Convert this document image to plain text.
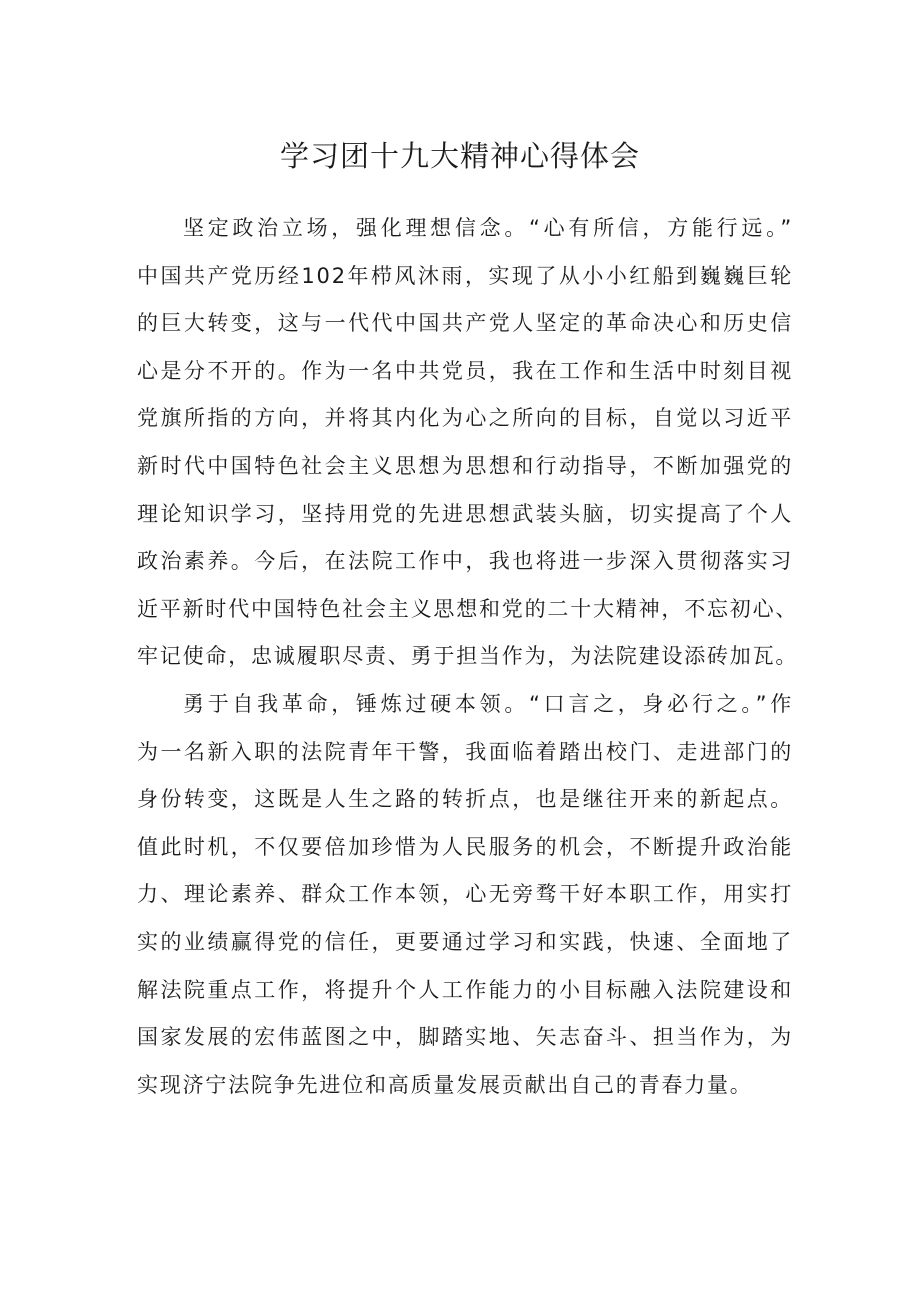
学习团十九大精神心得体会
坚定政治立场，强化理想信念。“心有所信，方能行远。”
中国共产党历经102年栉风沐雨，实现了从小小红船到巍巍巨轮
的巨大转变，这与一代代中国共产党人坚定的革命决心和历史信
心是分不开的。作为一名中共党员，我在工作和生活中时刻目视
党旗所指的方向，并将其内化为心之所向的目标，自觉以习近平
新时代中国特色社会主义思想为思想和行动指导，不断加强党的
理论知识学习，坚持用党的先进思想武装头脑，切实提高了个人
政治素养。今后，在法院工作中，我也将进一步深入贯彻落实习
近平新时代中国特色社会主义思想和党的二十大精神，不忘初心、
牢记使命，忠诚履职尽责、勇于担当作为，为法院建设添砖加瓦。
勇于自我革命，锤炼过硬本领。“口言之，身必行之。”作
为一名新入职的法院青年干警，我面临着踏出校门、走进部门的
身份转变，这既是人生之路的转折点，也是继往开来的新起点。
值此时机，不仅要倍加珍惜为人民服务的机会，不断提升政治能
力、理论素养、群众工作本领，心无旁骛干好本职工作，用实打
实的业绩赢得党的信任，更要通过学习和实践，快速、全面地了
解法院重点工作，将提升个人工作能力的小目标融入法院建设和
国家发展的宏伟蓝图之中，脚踏实地、矢志奋斗、担当作为，为
实现济宁法院争先进位和高质量发展贡献出自己的青春力量。
